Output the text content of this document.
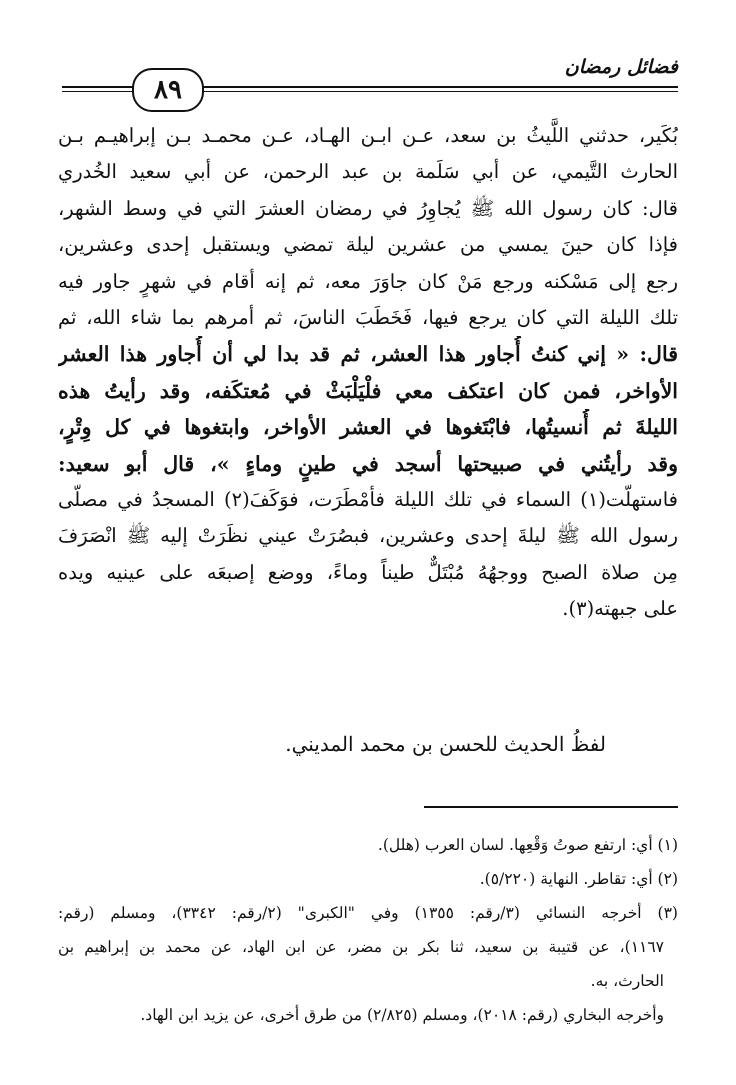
فضائل رمضان
٨٩
بُكَير، حدثني اللَّيثُ بن سعد، عـن ابـن الهـاد، عـن محمـد بـن إبراهيـم بـن
الحارث التَّيمي، عن أبي سَلَمة بن عبد الرحمن، عن أبي سعيد الخُدري
قال: كان رسول الله ﷺ يُجاوِرُ في رمضان العشرَ التي في وسط الشهر،
فإذا كان حينَ يمسي من عشرين ليلة تمضي ويستقبل إحدى وعشرين،
رجع إلى مَسْكنه ورجع مَنْ كان جاوَرَ معه، ثم إنه أقام في شهرٍ جاور فيه
تلك الليلة التي كان يرجع فيها، فَخَطَبَ الناسَ، ثم أمرهم بما شاء الله، ثم
قال: « إني كنتُ أُجاور هذا العشر، ثم قد بدا لي أن أُجاور هذا العشر
الأواخر، فمن كان اعتكف معي فلْيَلْبَثْ في مُعتكَفه، وقد رأيتُ هذه
الليلةَ ثم أُنسيتُها، فابْتَغوها في العشر الأواخر، وابتغوها في كل وِتْرٍ،
وقد رأيتُني في صبيحتها أسجد في طينٍ وماءٍ »، قال أبو سعيد:
فاستهلّت(١) السماء في تلك الليلة فأمْطَرَت، فوَكَفَ(٢) المسجدُ في مصلّى
رسول الله ﷺ ليلةَ إحدى وعشرين، فبصُرَتْ عيني نظَرَتْ إليه ﷺ انْصَرَفَ
مِن صلاة الصبح ووجهُهُ مُبْتَلٌّ طيناً وماءً، ووضع إصبعَه على عينيه ويده
على جبهته(٣).
لفظُ الحديث للحسن بن محمد المديني.
(١) أي: ارتفع صوتُ وَقْعِها. لسان العرب (هلل).
(٢) أي: تقاطر. النهاية (٥/٢٢٠).
(٣) أخرجه النسائي (٣/رقم: ١٣٥٥) وفي "الكبرى" (٢/رقم: ٣٣٤٢)، ومسلم (رقم:
١١٦٧)، عن قتيبة بن سعيد، ثنا بكر بن مضر، عن ابن الهاد، عن محمد بن إبراهيم بن
الحارث، به.
وأخرجه البخاري (رقم: ٢٠١٨)، ومسلم (٢/٨٢٥) من طرق أخرى، عن يزيد ابن الهاد.
